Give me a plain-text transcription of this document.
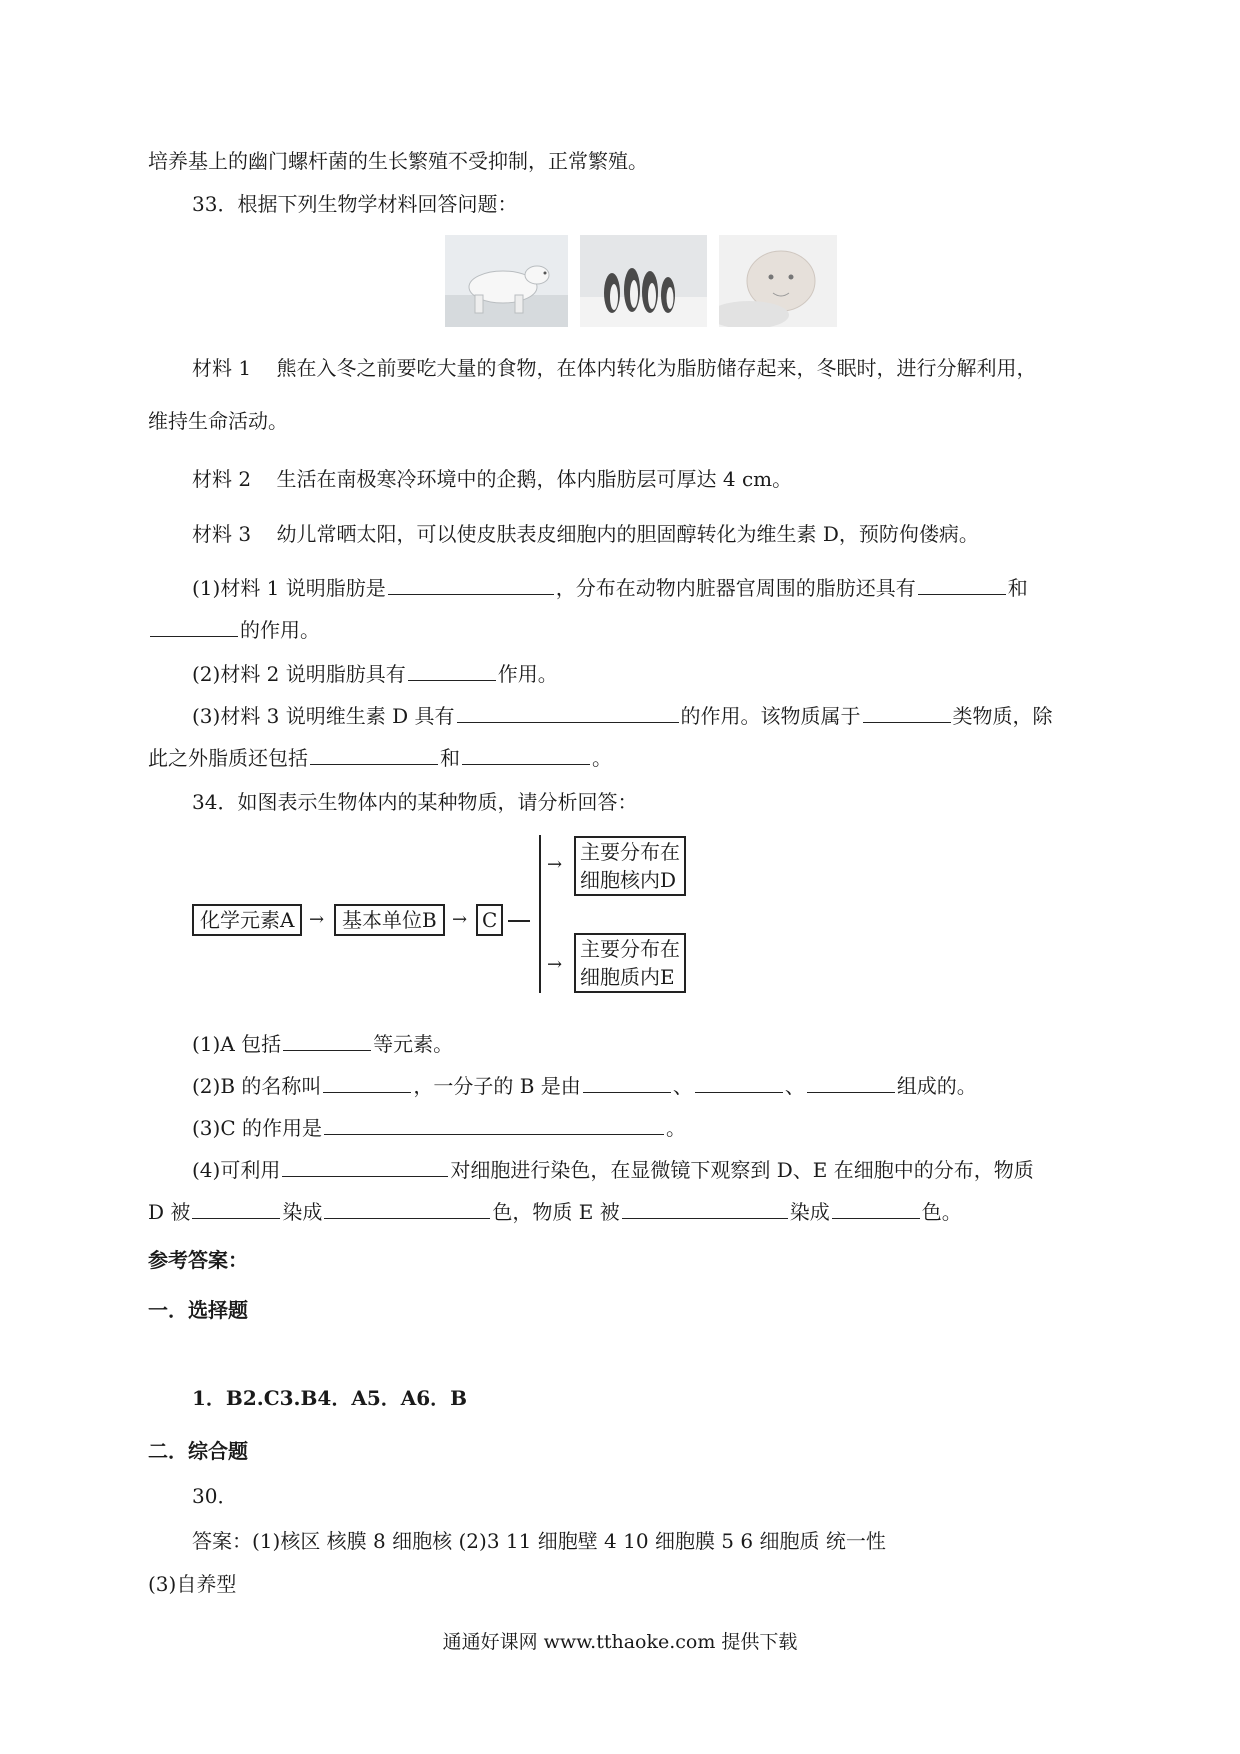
培养基上的幽门螺杆菌的生长繁殖不受抑制，正常繁殖。
33．根据下列生物学材料回答问题：
材料 1 熊在入冬之前要吃大量的食物，在体内转化为脂肪储存起来，冬眠时，进行分解利用，
维持生命活动。
材料 2 生活在南极寒冷环境中的企鹅，体内脂肪层可厚达 4 cm。
材料 3 幼儿常晒太阳，可以使皮肤表皮细胞内的胆固醇转化为维生素 D，预防佝偻病。
(1)材料 1 说明脂肪是	，分布在动物内脏器官周围的脂肪还具有	和
的作用。
(2)材料 2 说明脂肪具有	作用。
(3)材料 3 说明维生素 D 具有	的作用。该物质属于	类物质，除
此之外脂质还包括	和	。
34．如图表示生物体内的某种物质，请分析回答：
化学元素A → 基本单位B → C
→
主要分布在
细胞核内D
→
主要分布在
细胞质内E
(1)A 包括	等元素。
(2)B 的名称叫	，一分子的 B 是由	、	、	组成的。
(3)C 的作用是	。
(4)可利用	对细胞进行染色，在显微镜下观察到 D、E 在细胞中的分布，物质
D 被	染成	色，物质 E 被	染成	色。
参考答案：
一．选择题
1．B2.C3.B4．A5．A6．B
二．综合题
30．
答案：(1)核区 核膜 8 细胞核 (2)3 11 细胞壁 4 10 细胞膜 5 6 细胞质 统一性
(3)自养型
通通好课网 www.tthaoke.com 提供下载
